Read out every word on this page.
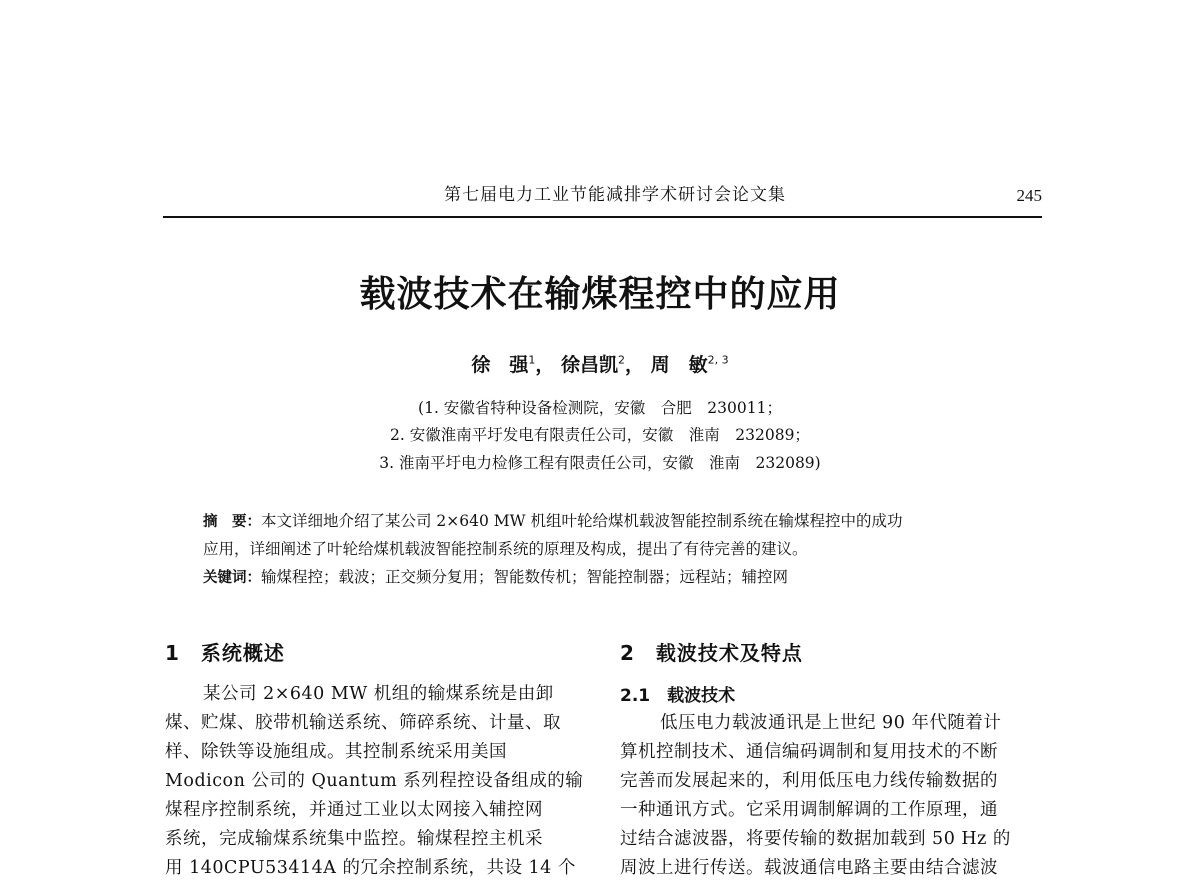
第七届电力工业节能减排学术研讨会论文集	245
载波技术在输煤程控中的应用
徐　强$^1$， 徐昌凯$^2$， 周　敏$^{2, 3}$
(1. 安徽省特种设备检测院，安徽　合肥　230011；
2. 安徽淮南平圩发电有限责任公司，安徽　淮南　232089；
3. 淮南平圩电力检修工程有限责任公司，安徽　淮南　232089)
摘　要：本文详细地介绍了某公司 2×640 MW 机组叶轮给煤机载波智能控制系统在输煤程控中的成功
应用，详细阐述了叶轮给煤机载波智能控制系统的原理及构成，提出了有待完善的建议。
关键词：输煤程控；载波；正交频分复用；智能数传机；智能控制器；远程站；辅控网
1　系统概述
某公司 2×640 MW 机组的输煤系统是由卸
煤、贮煤、胶带机输送系统、筛碎系统、计量、取
样、除铁等设施组成。其控制系统采用美国
Modicon 公司的 Quantum 系列程控设备组成的输
煤程序控制系统，并通过工业以太网接入辅控网
系统，完成输煤系统集中监控。输煤程控主机采
用 140CPU53414A 的冗余控制系统，共设 14 个
2　载波技术及特点
2.1　载波技术
低压电力载波通讯是上世纪 90 年代随着计
算机控制技术、通信编码调制和复用技术的不断
完善而发展起来的，利用低压电力线传输数据的
一种通讯方式。它采用调制解调的工作原理，通
过结合滤波器，将要传输的数据加载到 50 Hz 的
周波上进行传送。载波通信电路主要由结合滤波
